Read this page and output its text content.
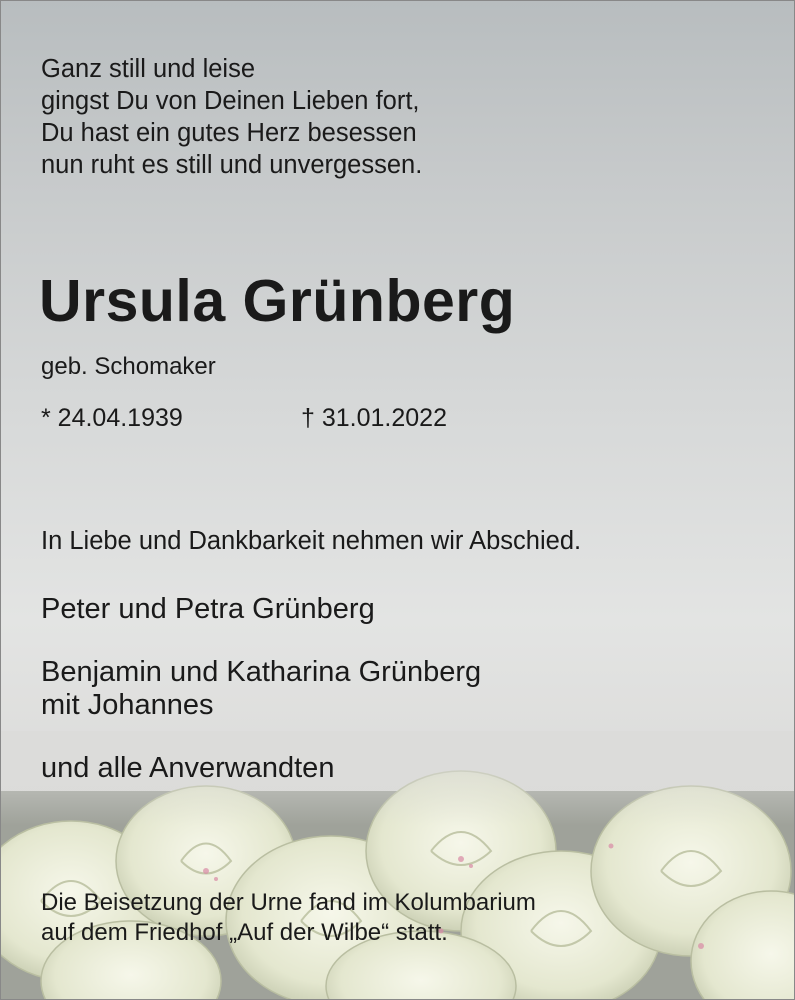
Ganz still und leise
gingst Du von Deinen Lieben fort,
Du hast ein gutes Herz besessen
nun ruht es still und unvergessen.
Ursula Grünberg
geb. Schomaker
* 24.04.1939	† 31.01.2022
In Liebe und Dankbarkeit nehmen wir Abschied.
Peter und Petra Grünberg
Benjamin und Katharina Grünberg
mit Johannes
und alle Anverwandten
Die Beisetzung der Urne fand im Kolumbarium
auf dem Friedhof „Auf der Wilbe“ statt.
